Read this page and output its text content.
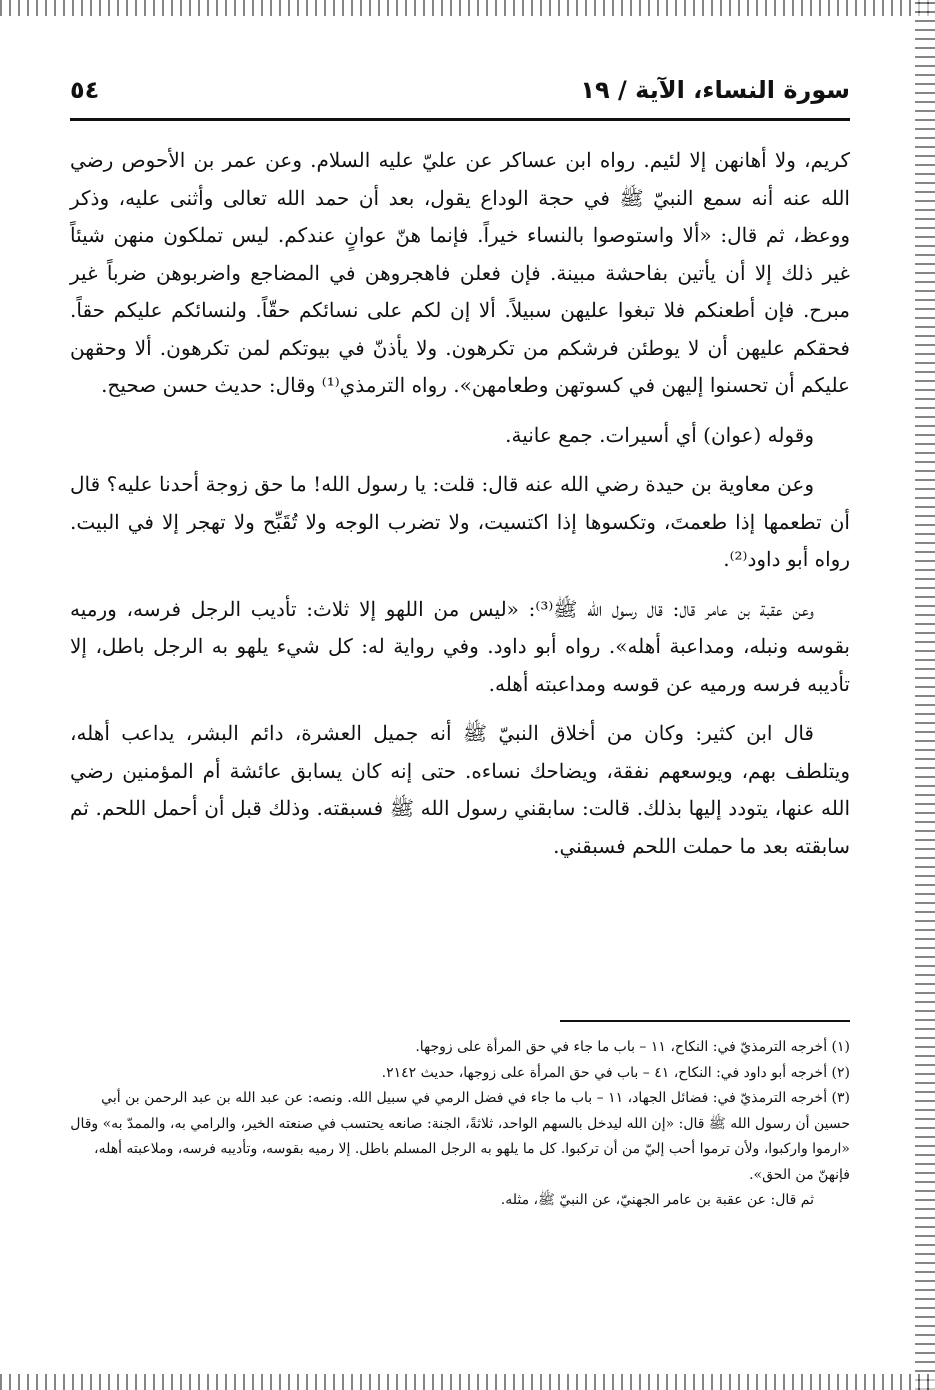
سورة النساء، الآية / ١٩
٥٤

كريم، ولا أهانهن إلا لئيم. رواه ابن عساكر عن عليّ عليه السلام. وعن عمر بن الأحوص رضي الله عنه أنه سمع النبيّ ﷺ في حجة الوداع يقول، بعد أن حمد الله تعالى وأثنى عليه، وذكر ووعظ، ثم قال: «ألا واستوصوا بالنساء خيراً. فإنما هنّ عوانٍ عندكم. ليس تملكون منهن شيئاً غير ذلك إلا أن يأتين بفاحشة مبينة. فإن فعلن فاهجروهن في المضاجع واضربوهن ضرباً غير مبرح. فإن أطعنكم فلا تبغوا عليهن سبيلاً. ألا إن لكم على نسائكم حقّاً. ولنسائكم عليكم حقاً. فحقكم عليهن أن لا يوطئن فرشكم من تكرهون. ولا يأذنّ في بيوتكم لمن تكرهون. ألا وحقهن عليكم أن تحسنوا إليهن في كسوتهن وطعامهن». رواه الترمذي⁽¹⁾ وقال: حديث حسن صحيح.

وقوله (عوان) أي أسيرات. جمع عانية.

وعن معاوية بن حيدة رضي الله عنه قال: قلت: يا رسول الله! ما حق زوجة أحدنا عليه؟ قال أن تطعمها إذا طعمتَ، وتكسوها إذا اكتسيت، ولا تضرب الوجه ولا تُقَبِّح ولا تهجر إلا في البيت. رواه أبو داود⁽²⁾.

وعن عقبة بن عامر قال: قال رسول الله ﷺ⁽³⁾: «ليس من اللهو إلا ثلاث: تأديب الرجل فرسه، ورميه بقوسه ونبله، ومداعبة أهله». رواه أبو داود. وفي رواية له: كل شيء يلهو به الرجل باطل، إلا تأديبه فرسه ورميه عن قوسه ومداعبته أهله.

قال ابن كثير: وكان من أخلاق النبيّ ﷺ أنه جميل العشرة، دائم البشر، يداعب أهله، ويتلطف بهم، ويوسعهم نفقة، ويضاحك نساءه. حتى إنه كان يسابق عائشة أم المؤمنين رضي الله عنها، يتودد إليها بذلك. قالت: سابقني رسول الله ﷺ فسبقته. وذلك قبل أن أحمل اللحم. ثم سابقته بعد ما حملت اللحم فسبقني.

(١) أخرجه الترمذيّ في: النكاح، ١١ – باب ما جاء في حق المرأة على زوجها.

(٢) أخرجه أبو داود في: النكاح، ٤١ – باب في حق المرأة على زوجها، حديث ٢١٤٢.

(٣) أخرجه الترمذيّ في: فضائل الجهاد، ١١ – باب ما جاء في فضل الرمي في سبيل الله. ونصه: عن عبد الله بن عبد الرحمن بن أبي حسين أن رسول الله ﷺ قال: «إن الله ليدخل بالسهم الواحد، ثلاثةً، الجنة: صانعه يحتسب في صنعته الخير، والرامي به، والممدّ به» وقال «ارموا واركبوا، ولأن ترموا أحب إليّ من أن تركبوا. كل ما يلهو به الرجل المسلم باطل. إلا رميه بقوسه، وتأديبه فرسه، وملاعبته أهله، فإنهنّ من الحق».

ثم قال: عن عقبة بن عامر الجهنيّ، عن النبيّ ﷺ، مثله.
